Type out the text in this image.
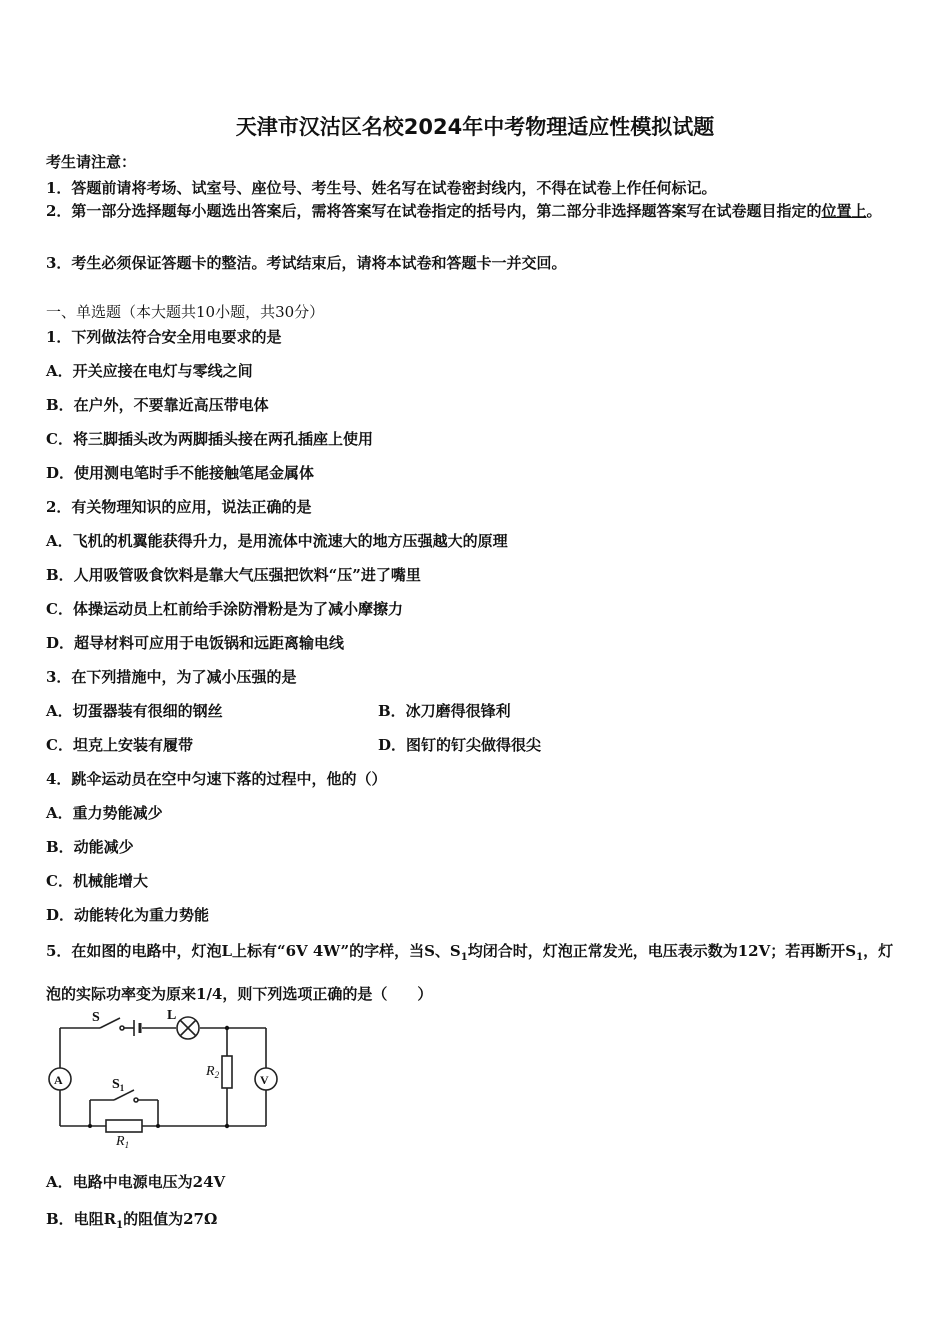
天津市汉沽区名校2024年中考物理适应性模拟试题
考生请注意：
1．答题前请将考场、试室号、座位号、考生号、姓名写在试卷密封线内，不得在试卷上作任何标记。
2．第一部分选择题每小题选出答案后，需将答案写在试卷指定的括号内，第二部分非选择题答案写在试卷题目指定的位置上。
3．考生必须保证答题卡的整洁。考试结束后，请将本试卷和答题卡一并交回。
一、单选题（本大题共10小题，共30分）
1．下列做法符合安全用电要求的是
A．开关应接在电灯与零线之间
B．在户外，不要靠近高压带电体
C．将三脚插头改为两脚插头接在两孔插座上使用
D．使用测电笔时手不能接触笔尾金属体
2．有关物理知识的应用，说法正确的是
A．飞机的机翼能获得升力，是用流体中流速大的地方压强越大的原理
B．人用吸管吸食饮料是靠大气压强把饮料“压”进了嘴里
C．体操运动员上杠前给手涂防滑粉是为了减小摩擦力
D．超导材料可应用于电饭锅和远距离输电线
3．在下列措施中，为了减小压强的是
A．切蛋器装有很细的钢丝	B．冰刀磨得很锋利
C．坦克上安装有履带	D．图钉的钉尖做得很尖
4．跳伞运动员在空中匀速下落的过程中，他的（）
A．重力势能减少
B．动能减少
C．机械能增大
D．动能转化为重力势能
5．在如图的电路中，灯泡L上标有“6V 4W”的字样，当S、$S_1$均闭合时，灯泡正常发光，电压表示数为12V；若再断开$S_1$，灯泡的实际功率变为原来1/4，则下列选项正确的是（　　）
S	L
$S_1$
A	V
$R_1$
$R_2$
A．电路中电源电压为24V
B．电阻$R_1$的阻值为27Ω
